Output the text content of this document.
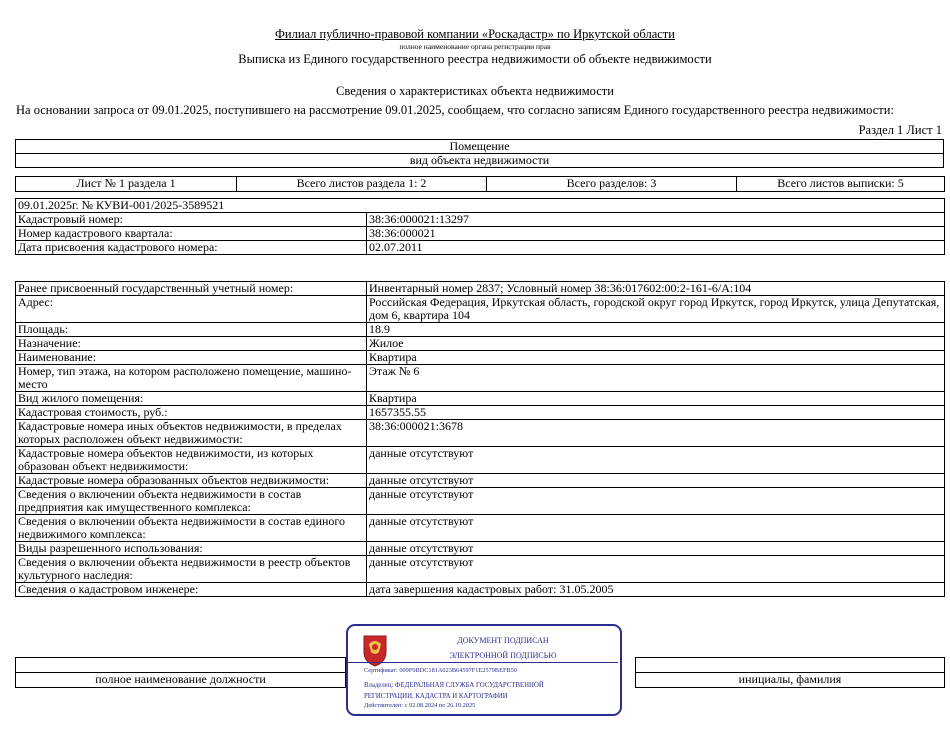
Филиал публично-правовой компании «Роскадастр» по Иркутской области
полное наименование органа регистрации прав
Выписка из Единого государственного реестра недвижимости об объекте недвижимости
Сведения о характеристиках объекта недвижимости
На основании запроса от 09.01.2025, поступившего на рассмотрение 09.01.2025, сообщаем, что согласно записям Единого государственного реестра недвижимости:
Раздел 1 Лист 1
Помещение
вид объекта недвижимости
Лист № 1 раздела 1	Всего листов раздела 1: 2	Всего разделов: 3	Всего листов выписки: 5
09.01.2025г. № КУВИ-001/2025-3589521	
Кадастровый номер:	38:36:000021:13297
Номер кадастрового квартала:	38:36:000021
Дата присвоения кадастрового номера:	02.07.2011
Ранее присвоенный государственный учетный номер:	Инвентарный номер 2837; Условный номер 38:36:017602:00:2-161-6/А:104
Адрес:	Российская Федерация, Иркутская область, городской округ город Иркутск, город Иркутск, улица Депутатская, дом 6, квартира 104
Площадь:	18.9
Назначение:	Жилое
Наименование:	Квартира
Номер, тип этажа, на котором расположено помещение, машино-место	Этаж № 6
Вид жилого помещения:	Квартира
Кадастровая стоимость, руб.:	1657355.55
Кадастровые номера иных объектов недвижимости, в пределах которых расположен объект недвижимости:	38:36:000021:3678
Кадастровые номера объектов недвижимости, из которых образован объект недвижимости:	данные отсутствуют
Кадастровые номера образованных объектов недвижимости:	данные отсутствуют
Сведения о включении объекта недвижимости в состав предприятия как имущественного комплекса:	данные отсутствуют
Сведения о включении объекта недвижимости в состав единого недвижимого комплекса:	данные отсутствуют
Виды разрешенного использования:	данные отсутствуют
Сведения о включении объекта недвижимости в реестр объектов культурного наследия:	данные отсутствуют
Сведения о кадастровом инженере:	дата завершения кадастровых работ: 31.05.2005

полное наименование должности		инициалы, фамилия
ДОКУМЕНТ ПОДПИСАН
ЭЛЕКТРОННОЙ ПОДПИСЬЮ
Сертификат: 009F0BDC181A023B64597F1E2579BEFB50
Владелец: ФЕДЕРАЛЬНАЯ СЛУЖБА ГОСУДАРСТВЕННОЙ РЕГИСТРАЦИИ, КАДАСТРА И КАРТОГРАФИИ
Действителен: с 02.08.2024 по 26.10.2025
